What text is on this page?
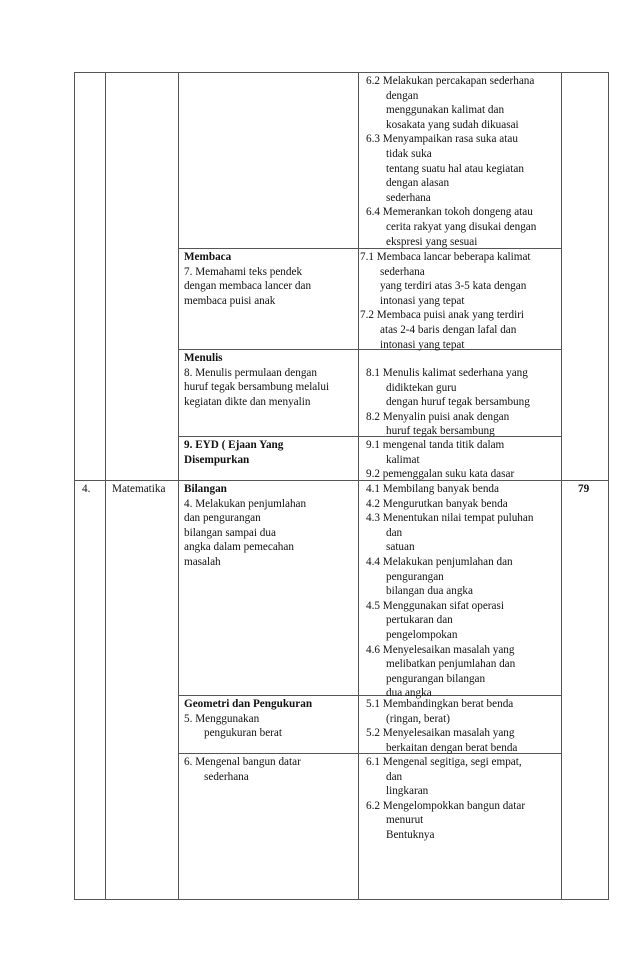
6.2 Melakukan percakapan sederhana
dengan
menggunakan kalimat dan
kosakata yang sudah dikuasai
6.3 Menyampaikan rasa suka atau
tidak suka
tentang suatu hal atau kegiatan
dengan alasan
sederhana
6.4 Memerankan tokoh dongeng atau
cerita rakyat yang disukai dengan
ekspresi yang sesuai
Membaca
7. Memahami teks pendek
dengan membaca lancer dan
membaca puisi anak
7.1 Membaca lancar beberapa kalimat
sederhana
yang terdiri atas 3-5 kata dengan
intonasi yang tepat
7.2 Membaca puisi anak yang terdiri
atas 2-4 baris dengan lafal dan
intonasi yang tepat
Menulis
8. Menulis permulaan dengan
huruf tegak bersambung melalui
kegiatan dikte dan menyalin
8.1 Menulis kalimat sederhana yang
didiktekan guru
dengan huruf tegak bersambung
8.2 Menyalin puisi anak dengan
huruf tegak bersambung
9. EYD ( Ejaan Yang
Disempurkan
9.1 mengenal tanda titik dalam
kalimat
9.2 pemenggalan suku kata dasar
4. Matematika	79
Bilangan
4. Melakukan penjumlahan
dan pengurangan
bilangan sampai dua
angka dalam pemecahan
masalah
4.1 Membilang banyak benda
4.2 Mengurutkan banyak benda
4.3 Menentukan nilai tempat puluhan
dan
satuan
4.4 Melakukan penjumlahan dan
pengurangan
bilangan dua angka
4.5 Menggunakan sifat operasi
pertukaran dan
pengelompokan
4.6 Menyelesaikan masalah yang
melibatkan penjumlahan dan
pengurangan bilangan
dua angka
Geometri dan Pengukuran
5. Menggunakan
pengukuran berat
5.1 Membandingkan berat benda
(ringan, berat)
5.2 Menyelesaikan masalah yang
berkaitan dengan berat benda
6. Mengenal bangun datar
sederhana
6.1 Mengenal segitiga, segi empat,
dan
lingkaran
6.2 Mengelompokkan bangun datar
menurut
Bentuknya
